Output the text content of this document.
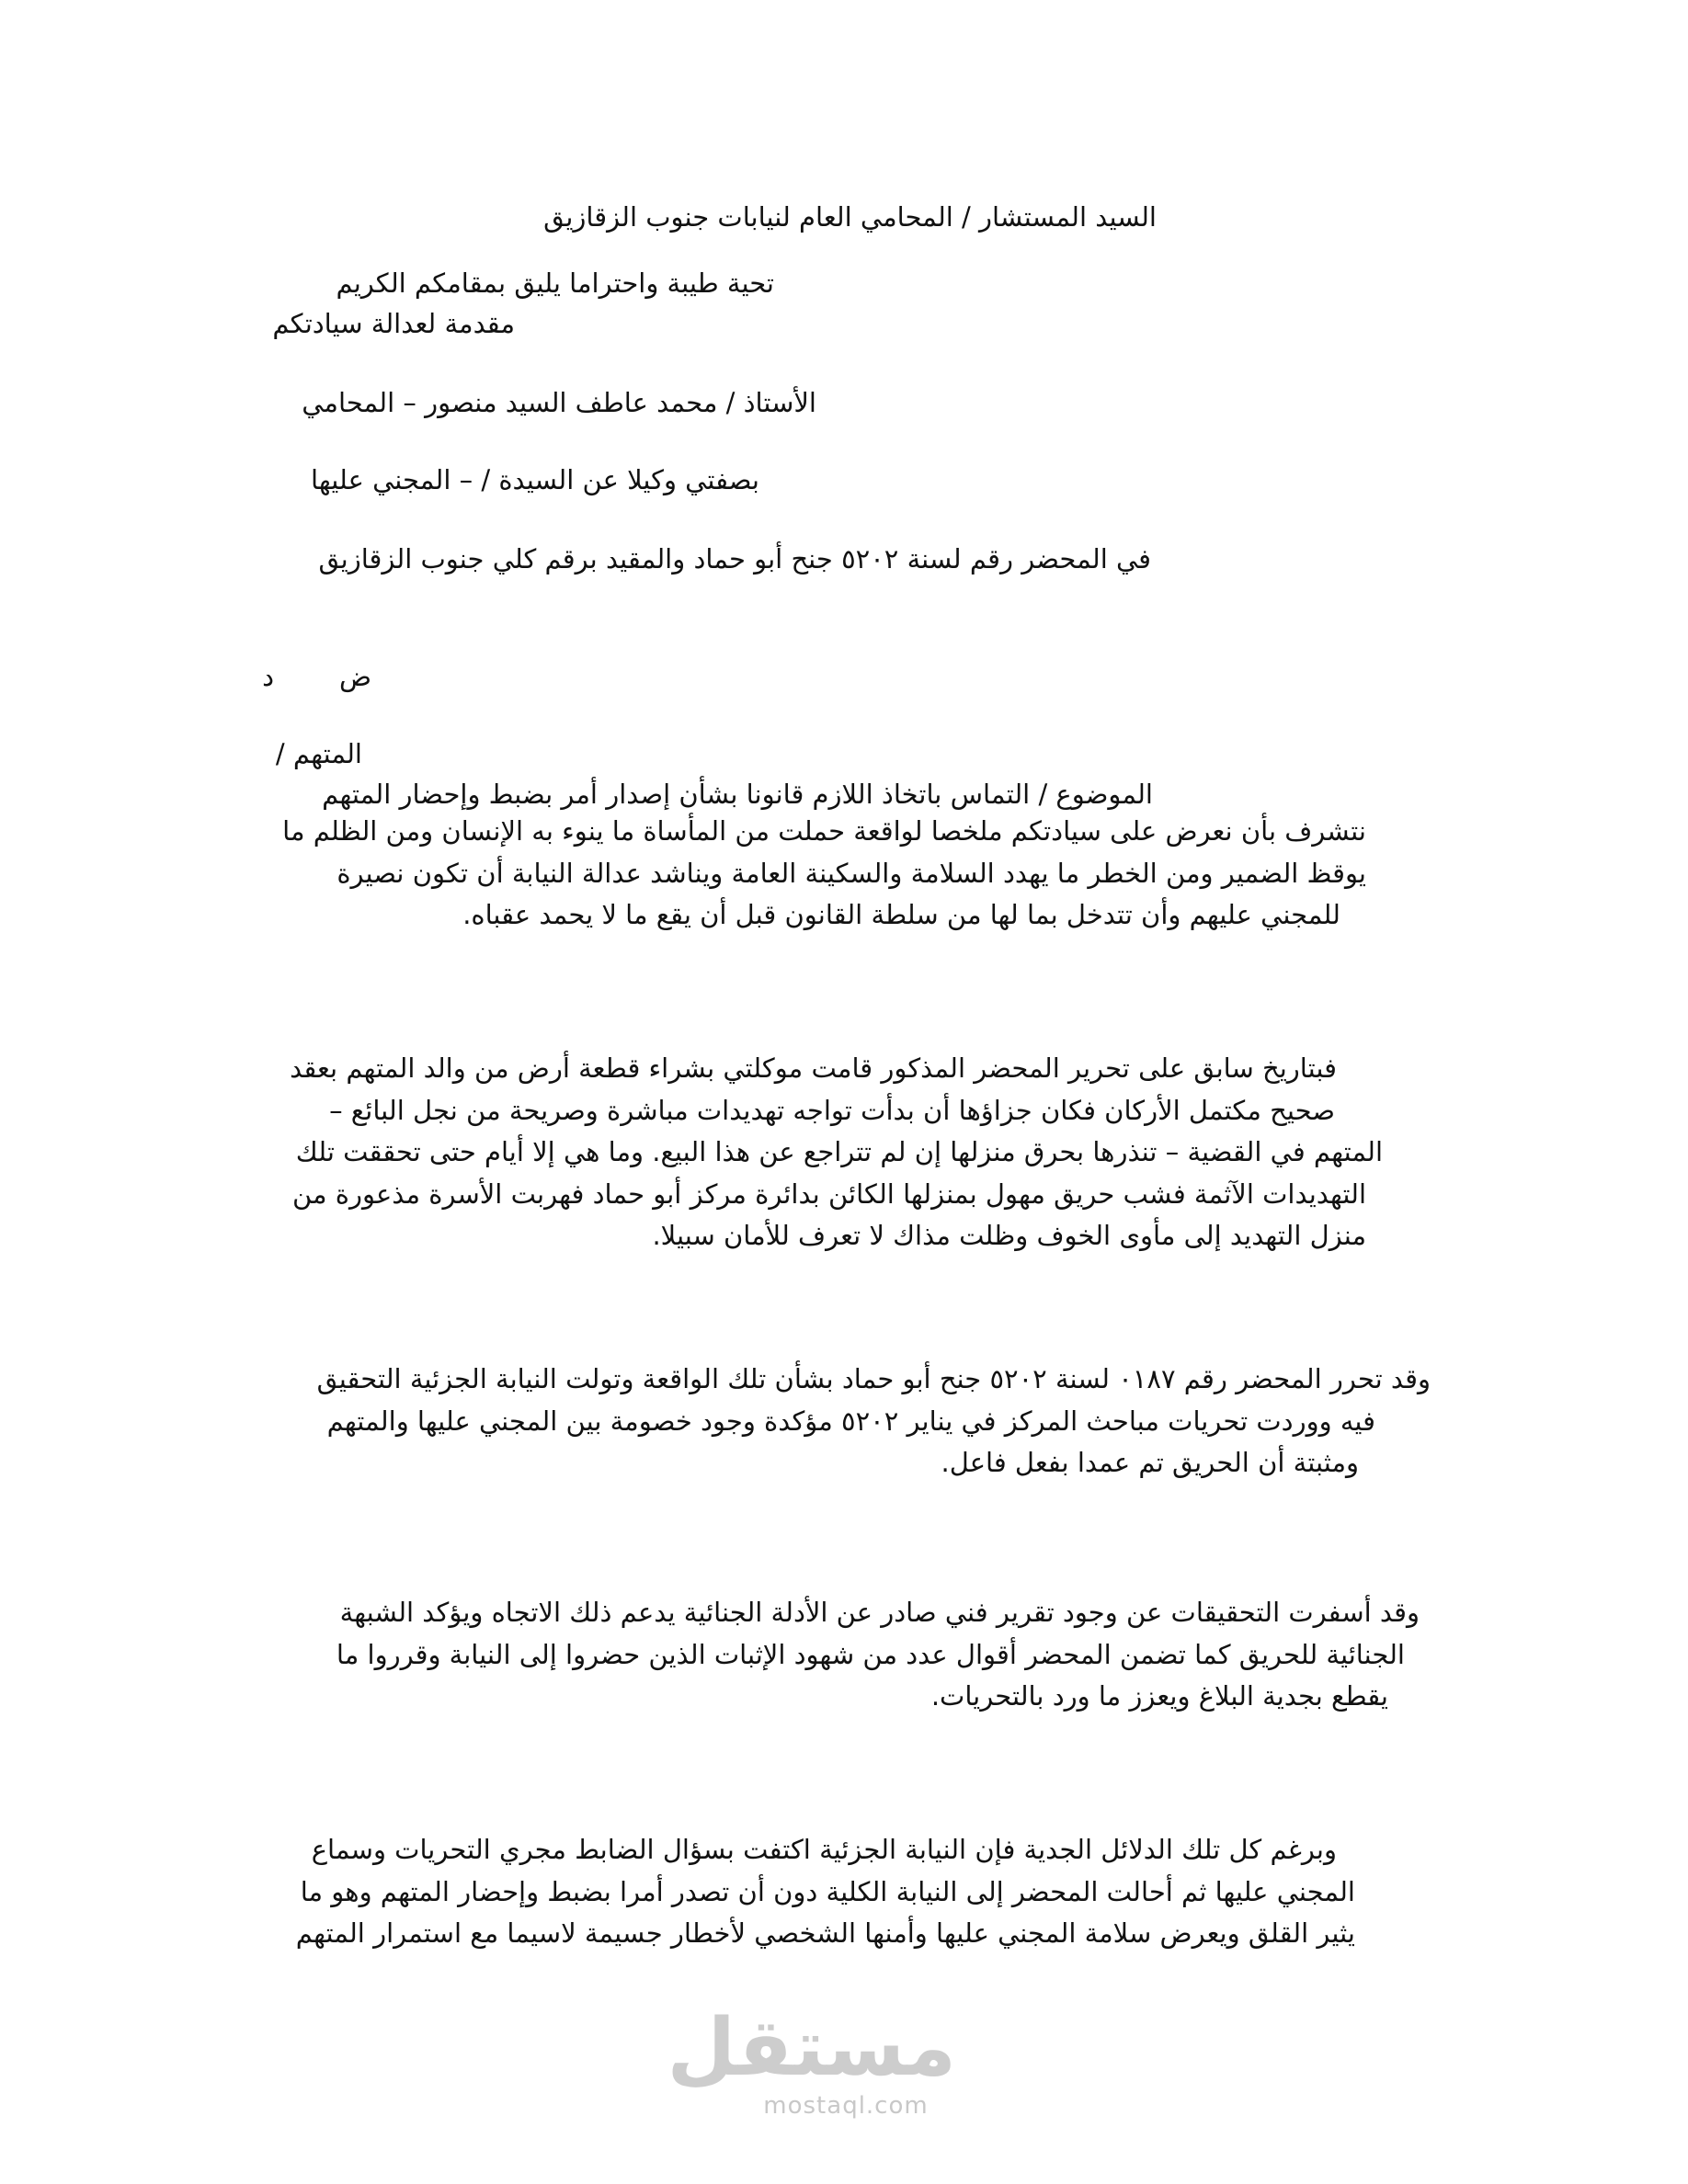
السيد المستشار / المحامي العام لنيابات جنوب الزقازيق
تحية طيبة واحتراما يليق بمقامكم الكريم
مقدمة لعدالة سيادتكم
الأستاذ / محمد عاطف السيد منصور – المحامي
بصفتي وكيلا عن السيدة / – المجني عليها
في المحضر رقم لسنة ٥٢٠٢ جنح أبو حماد والمقيد برقم كلي جنوب الزقازيق
ض
د
المتهم /
الموضوع / التماس باتخاذ اللازم قانونا بشأن إصدار أمر بضبط وإحضار المتهم
نتشرف بأن نعرض على سيادتكم ملخصا لواقعة حملت من المأساة ما ينوء به الإنسان ومن الظلم ما
يوقظ الضمير ومن الخطر ما يهدد السلامة والسكينة العامة ويناشد عدالة النيابة أن تكون نصيرة
للمجني عليهم وأن تتدخل بما لها من سلطة القانون قبل أن يقع ما لا يحمد عقباه.
فبتاريخ سابق على تحرير المحضر المذكور قامت موكلتي بشراء قطعة أرض من والد المتهم بعقد
صحيح مكتمل الأركان فكان جزاؤها أن بدأت تواجه تهديدات مباشرة وصريحة من نجل البائع –
المتهم في القضية – تنذرها بحرق منزلها إن لم تتراجع عن هذا البيع. وما هي إلا أيام حتى تحققت تلك
التهديدات الآثمة فشب حريق مهول بمنزلها الكائن بدائرة مركز أبو حماد فهربت الأسرة مذعورة من
منزل التهديد إلى مأوى الخوف وظلت مذاك لا تعرف للأمان سبيلا.
وقد تحرر المحضر رقم ٠١٨٧ لسنة ٥٢٠٢ جنح أبو حماد بشأن تلك الواقعة وتولت النيابة الجزئية التحقيق
فيه ووردت تحريات مباحث المركز في يناير ٥٢٠٢ مؤكدة وجود خصومة بين المجني عليها والمتهم
ومثبتة أن الحريق تم عمدا بفعل فاعل.
وقد أسفرت التحقيقات عن وجود تقرير فني صادر عن الأدلة الجنائية يدعم ذلك الاتجاه ويؤكد الشبهة
الجنائية للحريق كما تضمن المحضر أقوال عدد من شهود الإثبات الذين حضروا إلى النيابة وقرروا ما
يقطع بجدية البلاغ ويعزز ما ورد بالتحريات.
وبرغم كل تلك الدلائل الجدية فإن النيابة الجزئية اكتفت بسؤال الضابط مجري التحريات وسماع
المجني عليها ثم أحالت المحضر إلى النيابة الكلية دون أن تصدر أمرا بضبط وإحضار المتهم وهو ما
يثير القلق ويعرض سلامة المجني عليها وأمنها الشخصي لأخطار جسيمة لاسيما مع استمرار المتهم
مستقل
mostaql.com
